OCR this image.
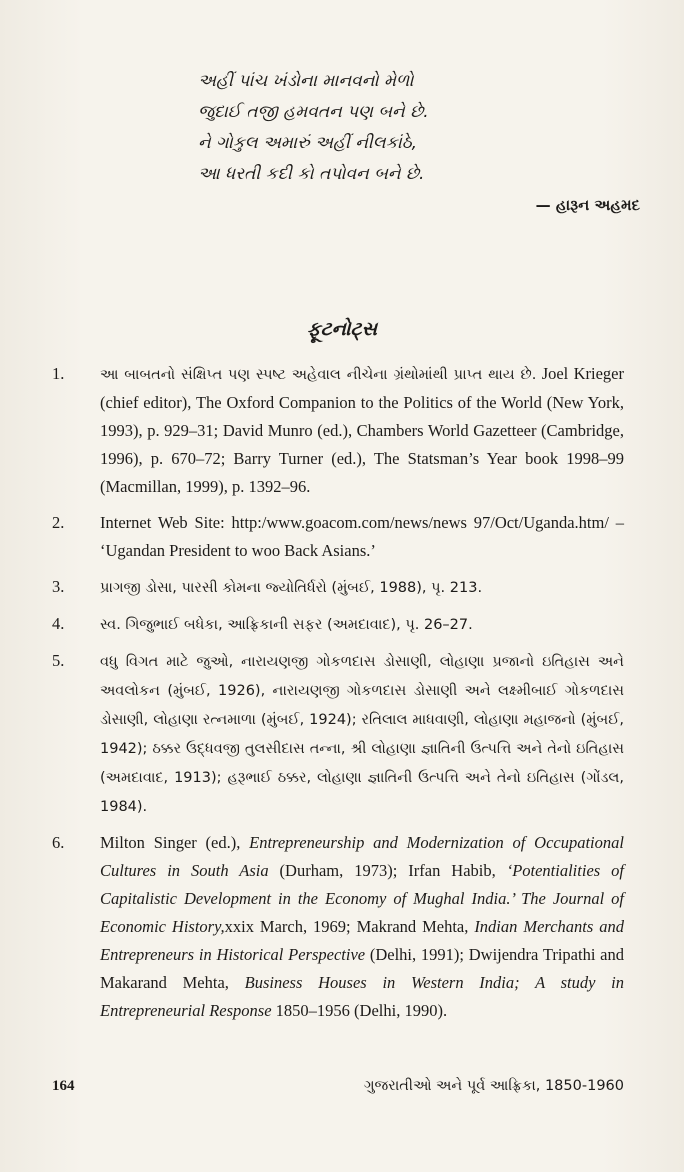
અહીં પાંચ ખંડોના માનવનો મેળો
જુદાઈ તજી હમવતન પણ બને છે.
ને ગોકુલ અમારું અહીં નીલકાંઠે,
આ ધરતી કદી કો તપોવન બને છે.
— હારૂન અહમદ
ફૂટનોટ્સ
1. આ બાબતનો સંક્ષિપ્ત પણ સ્પષ્ટ અહેવાલ નીચેના ગ્રંથોમાંથી પ્રાપ્ત થાય છે. Joel Krieger (chief editor), The Oxford Companion to the Politics of the World (New York, 1993), p. 929–31; David Munro (ed.), Chambers World Gazetteer (Cambridge, 1996), p. 670–72; Barry Turner (ed.), The Statsman’s Year book 1998–99 (Macmillan, 1999), p. 1392–96.
2. Internet Web Site: http:/www.goacom.com/news/news 97/Oct/Uganda.htm/ – ‘Ugandan President to woo Back Asians.’
3. પ્રાગજી ડોસા, પારસી કોમના જ્યોતિર્ધરો (મુંબઈ, 1988), પૃ. 213.
4. સ્વ. ગિજુભાઈ બધેકા, આફ્રિકાની સફર (અમદાવાદ), પૃ. 26–27.
5. વધુ વિગત માટે જુઓ, નારાયણજી ગોકળદાસ ડોસાણી, લોહાણા પ્રજાનો ઇતિહાસ અને અવલોકન (મુંબઈ, 1926), નારાયણજી ગોકળદાસ ડોસાણી અને લક્ષ્મીબાઈ ગોકળદાસ ડોસાણી, લોહાણા રત્નમાળા (મુંબઈ, 1924); રતિલાલ માધવાણી, લોહાણા મહાજનો (મુંબઈ, 1942); ઠક્કર ઉદ્ધવજી તુલસીદાસ તન્ના, શ્રી લોહાણા જ્ઞાતિની ઉત્પત્તિ અને તેનો ઇતિહાસ (અમદાવાદ, 1913); હરૂભાઈ ઠક્કર, લોહાણા જ્ઞાતિની ઉત્પત્તિ અને તેનો ઇતિહાસ (ગોંડલ, 1984).
6. Milton Singer (ed.), Entrepreneurship and Modernization of Occupational Cultures in South Asia (Durham, 1973); Irfan Habib, ‘Potentialities of Capitalistic Development in the Economy of Mughal India.’ The Journal of Economic History,xxix March, 1969; Makrand Mehta, Indian Merchants and Entrepreneurs in Historical Perspective (Delhi, 1991); Dwijendra Tripathi and Makarand Mehta, Business Houses in Western India; A study in Entrepreneurial Response 1850–1956 (Delhi, 1990).
164	ગુજરાતીઓ અને પૂર્વ આફ્રિકા, 1850-1960
